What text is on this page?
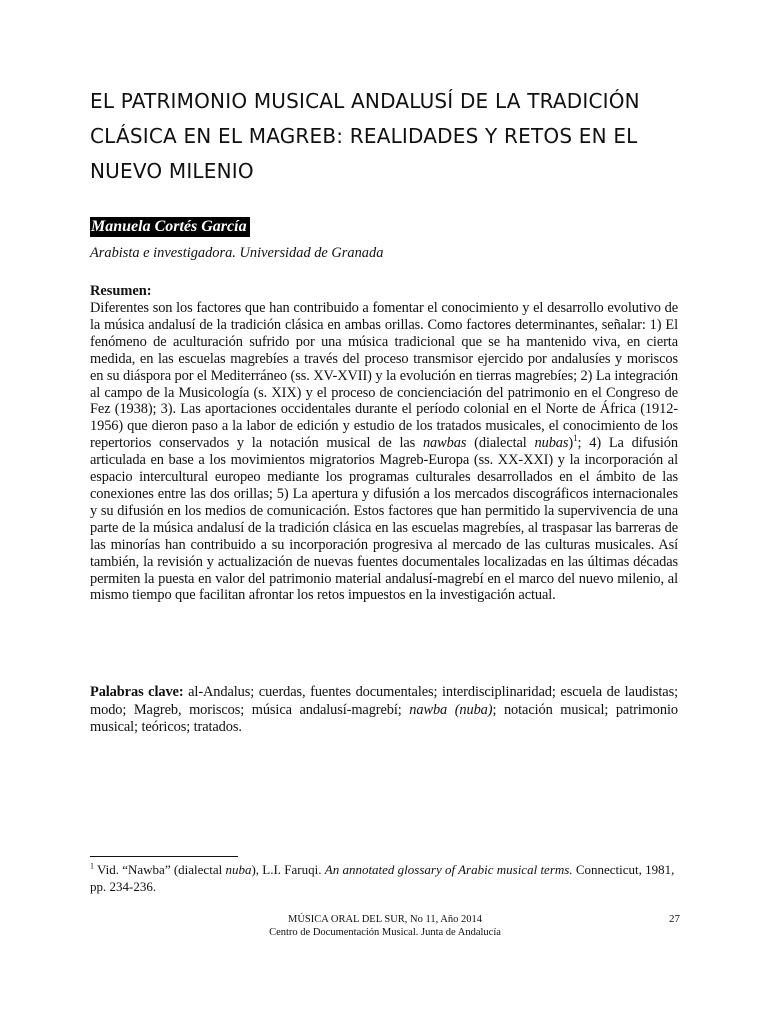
EL PATRIMONIO MUSICAL ANDALUSÍ DE LA TRADICIÓN
CLÁSICA EN EL MAGREB: REALIDADES Y RETOS EN EL
NUEVO MILENIO
Manuela Cortés García
Arabista e investigadora. Universidad de Granada
Resumen:
Diferentes son los factores que han contribuido a fomentar el conocimiento y el desarrollo evolutivo de la música andalusí de la tradición clásica en ambas orillas. Como factores determinantes, señalar: 1) El fenómeno de aculturación sufrido por una música tradicional que se ha mantenido viva, en cierta medida, en las escuelas magrebíes a través del proceso transmisor ejercido por andalusíes y moriscos en su diáspora por el Mediterráneo (ss. XV-XVII) y la evolución en tierras magrebíes; 2) La integración al campo de la Musicología (s. XIX) y el proceso de concienciación del patrimonio en el Congreso de Fez (1938); 3). Las aportaciones occidentales durante el período colonial en el Norte de África (1912-1956) que dieron paso a la labor de edición y estudio de los tratados musicales, el conocimiento de los repertorios conservados y la notación musical de las nawbas (dialectal nubas)$^1$; 4) La difusión articulada en base a los movimientos migratorios Magreb-Europa (ss. XX-XXI) y la incorporación al espacio intercultural europeo mediante los programas culturales desarrollados en el ámbito de las conexiones entre las dos orillas; 5) La apertura y difusión a los mercados discográficos internacionales y su difusión en los medios de comunicación. Estos factores que han permitido la supervivencia de una parte de la música andalusí de la tradición clásica en las escuelas magrebíes, al traspasar las barreras de las minorías han contribuido a su incorporación progresiva al mercado de las culturas musicales. Así también, la revisión y actualización de nuevas fuentes documentales localizadas en las últimas décadas permiten la puesta en valor del patrimonio material andalusí-magrebí en el marco del nuevo milenio, al mismo tiempo que facilitan afrontar los retos impuestos en la investigación actual.
Palabras clave: al-Andalus; cuerdas, fuentes documentales; interdisciplinaridad; escuela de laudistas; modo; Magreb, moriscos; música andalusí-magrebí; nawba (nuba); notación musical; patrimonio musical; teóricos; tratados.
$^1$ Vid. “Nawba” (dialectal nuba), L.I. Faruqi. An annotated glossary of Arabic musical terms. Connecticut, 1981, pp. 234-236.
MÚSICA ORAL DEL SUR, No 11, Año 2014
Centro de Documentación Musical. Junta de Andalucía
27
